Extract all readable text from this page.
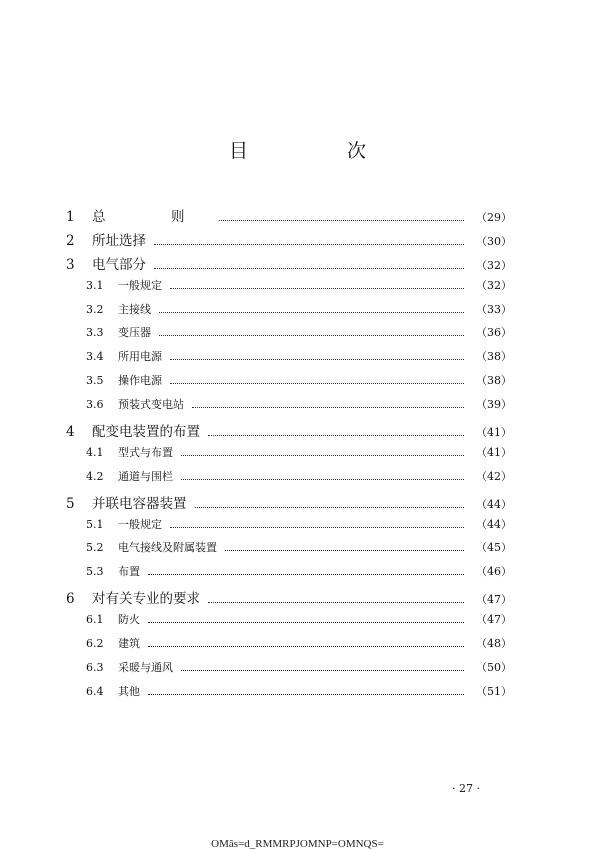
目　次
1	总　则	（29）
2	所址选择	（30）
3	电气部分	（32）
3.1	一般规定	（32）
3.2	主接线	（33）
3.3	变压器	（36）
3.4	所用电源	（38）
3.5	操作电源	（38）
3.6	预装式变电站	（39）
4	配变电装置的布置	（41）
4.1	型式与布置	（41）
4.2	通道与围栏	（42）
5	并联电容器装置	（44）
5.1	一般规定	（44）
5.2	电气接线及附属装置	（45）
5.3	布置	（46）
6	对有关专业的要求	（47）
6.1	防火	（47）
6.2	建筑	（48）
6.3	采暖与通风	（50）
6.4	其他	（51）
· 27 ·
OMâs=d_RMMRPJOMNP=OMNQS=
